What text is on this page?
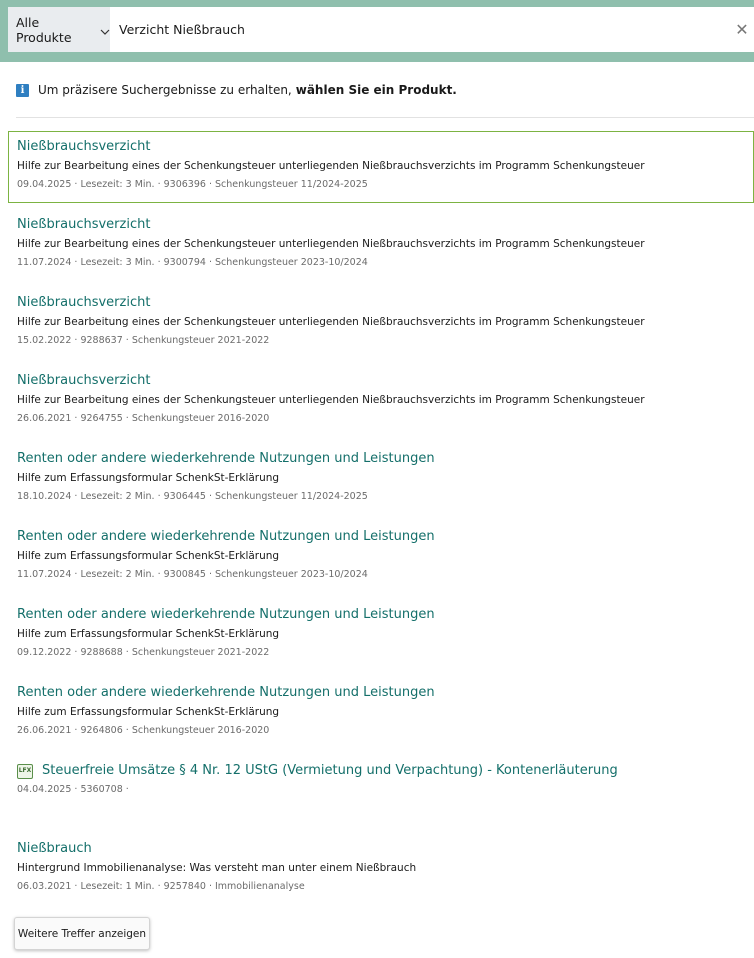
Alle Produkte	Verzicht Nießbrauch	✕
i	Um präzisere Suchergebnisse zu erhalten, wählen Sie ein Produkt.
Nießbrauchsverzicht
Hilfe zur Bearbeitung eines der Schenkungsteuer unterliegenden Nießbrauchsverzichts im Programm Schenkungsteuer
09.04.2025 · Lesezeit: 3 Min. · 9306396 · Schenkungsteuer 11/2024-2025
Nießbrauchsverzicht
Hilfe zur Bearbeitung eines der Schenkungsteuer unterliegenden Nießbrauchsverzichts im Programm Schenkungsteuer
11.07.2024 · Lesezeit: 3 Min. · 9300794 · Schenkungsteuer 2023-10/2024
Nießbrauchsverzicht
Hilfe zur Bearbeitung eines der Schenkungsteuer unterliegenden Nießbrauchsverzichts im Programm Schenkungsteuer
15.02.2022 · 9288637 · Schenkungsteuer 2021-2022
Nießbrauchsverzicht
Hilfe zur Bearbeitung eines der Schenkungsteuer unterliegenden Nießbrauchsverzichts im Programm Schenkungsteuer
26.06.2021 · 9264755 · Schenkungsteuer 2016-2020
Renten oder andere wiederkehrende Nutzungen und Leistungen
Hilfe zum Erfassungsformular SchenkSt-Erklärung
18.10.2024 · Lesezeit: 2 Min. · 9306445 · Schenkungsteuer 11/2024-2025
Renten oder andere wiederkehrende Nutzungen und Leistungen
Hilfe zum Erfassungsformular SchenkSt-Erklärung
11.07.2024 · Lesezeit: 2 Min. · 9300845 · Schenkungsteuer 2023-10/2024
Renten oder andere wiederkehrende Nutzungen und Leistungen
Hilfe zum Erfassungsformular SchenkSt-Erklärung
09.12.2022 · 9288688 · Schenkungsteuer 2021-2022
Renten oder andere wiederkehrende Nutzungen und Leistungen
Hilfe zum Erfassungsformular SchenkSt-Erklärung
26.06.2021 · 9264806 · Schenkungsteuer 2016-2020
LFX Steuerfreie Umsätze § 4 Nr. 12 UStG (Vermietung und Verpachtung) - Kontenerläuterung
04.04.2025 · 5360708 ·
Nießbrauch
Hintergrund Immobilienanalyse: Was versteht man unter einem Nießbrauch
06.03.2021 · Lesezeit: 1 Min. · 9257840 · Immobilienanalyse
Weitere Treffer anzeigen
